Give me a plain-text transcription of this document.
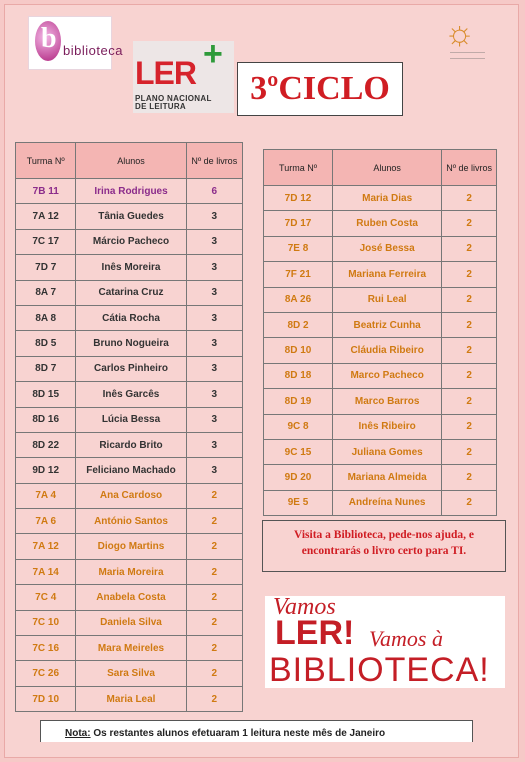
b biblioteca
LER +
PLANO NACIONAL
DE LEITURA	3ºCICLO
☼
———————
———————
Turma Nº	Alunos	Nº de livros
7B 11	Irina Rodrigues	6
7A 12	Tânia Guedes	3
7C 17	Márcio Pacheco	3
7D 7	Inês Moreira	3
8A 7	Catarina Cruz	3
8A 8	Cátia Rocha	3
8D 5	Bruno Nogueira	3
8D 7	Carlos Pinheiro	3
8D 15	Inês Garcês	3
8D 16	Lúcia Bessa	3
8D 22	Ricardo Brito	3
9D 12	Feliciano Machado	3
7A 4	Ana Cardoso	2
7A 6	António Santos	2
7A 12	Diogo Martins	2
7A 14	Maria Moreira	2
7C 4	Anabela Costa	2
7C 10	Daniela Silva	2
7C 16	Mara Meireles	2
7C 26	Sara Silva	2
7D 10	Maria Leal	2
Turma Nº	Alunos	Nº de livros
7D 12	Maria Dias	2
7D 17	Ruben Costa	2
7E 8	José Bessa	2
7F 21	Mariana Ferreira	2
8A 26	Rui Leal	2
8D 2	Beatriz Cunha	2
8D 10	Cláudia Ribeiro	2
8D 18	Marco Pacheco	2
8D 19	Marco Barros	2
9C 8	Inês Ribeiro	2
9C 15	Juliana Gomes	2
9D 20	Mariana Almeida	2
9E 5	Andreína Nunes	2
Visita a Biblioteca, pede-nos ajuda, e
encontrarás o livro certo para TI.
Vamos
LER! Vamos à
BIBLIOTECA!
Nota: Os restantes alunos efetuaram 1 leitura neste mês de Janeiro
